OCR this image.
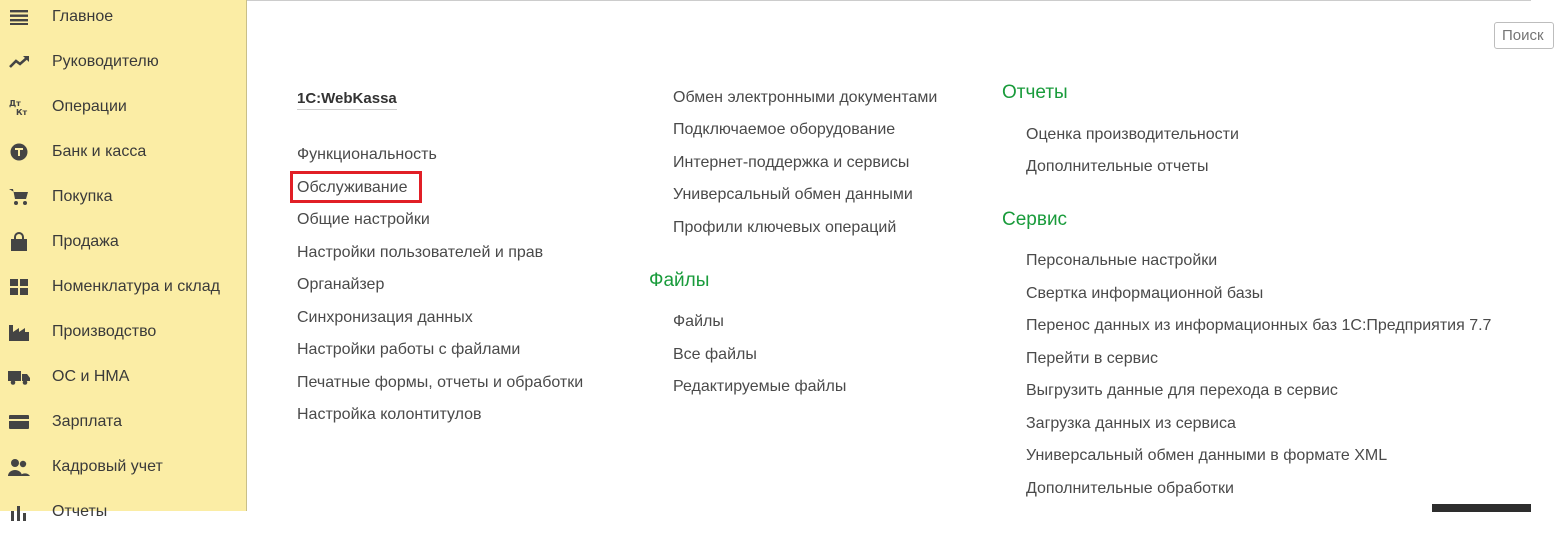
Главное
Руководителю
Дт
Кт Операции
Банк и касса
Покупка
Продажа
Номенклатура и склад
Производство
ОС и НМА
Зарплата
Кадровый учет
Отчеты
Поиск
1С:WebKassa
Функциональность
Обслуживание
Общие настройки
Настройки пользователей и прав
Органайзер
Синхронизация данных
Настройки работы с файлами
Печатные формы, отчеты и обработки
Настройка колонтитулов
Обмен электронными документами
Подключаемое оборудование
Интернет-поддержка и сервисы
Универсальный обмен данными
Профили ключевых операций
Файлы
Файлы
Все файлы
Редактируемые файлы
Отчеты
Оценка производительности
Дополнительные отчеты
Сервис
Персональные настройки
Свертка информационной базы
Перенос данных из информационных баз 1С:Предприятия 7.7
Перейти в сервис
Выгрузить данные для перехода в сервис
Загрузка данных из сервиса
Универсальный обмен данными в формате XML
Дополнительные обработки
